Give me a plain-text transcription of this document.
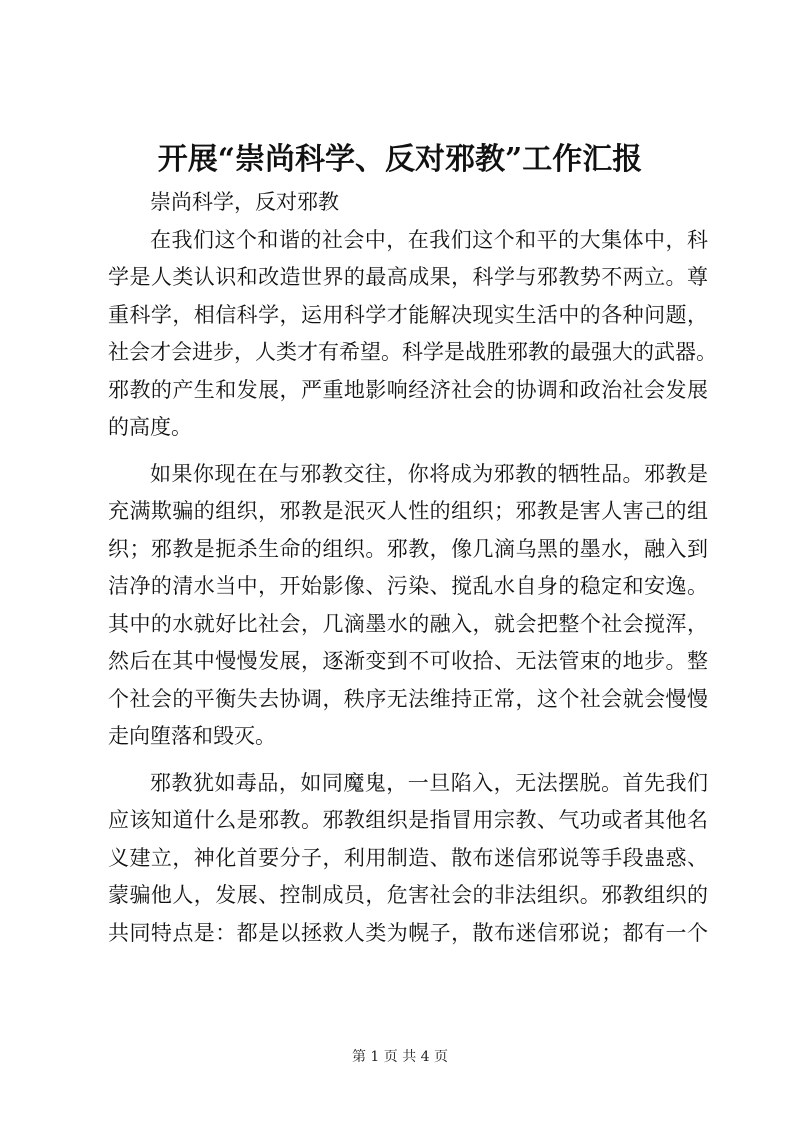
开展“崇尚科学、反对邪教”工作汇报
崇尚科学，反对邪教
在我们这个和谐的社会中，在我们这个和平的大集体中，科
学是人类认识和改造世界的最高成果，科学与邪教势不两立。尊
重科学，相信科学，运用科学才能解决现实生活中的各种问题，
社会才会进步，人类才有希望。科学是战胜邪教的最强大的武器。
邪教的产生和发展，严重地影响经济社会的协调和政治社会发展
的高度。
如果你现在在与邪教交往，你将成为邪教的牺牲品。邪教是
充满欺骗的组织，邪教是泯灭人性的组织；邪教是害人害己的组
织；邪教是扼杀生命的组织。邪教，像几滴乌黑的墨水，融入到
洁净的清水当中，开始影像、污染、搅乱水自身的稳定和安逸。
其中的水就好比社会，几滴墨水的融入，就会把整个社会搅浑，
然后在其中慢慢发展，逐渐变到不可收拾、无法管束的地步。整
个社会的平衡失去协调，秩序无法维持正常，这个社会就会慢慢
走向堕落和毁灭。
邪教犹如毒品，如同魔鬼，一旦陷入，无法摆脱。首先我们
应该知道什么是邪教。邪教组织是指冒用宗教、气功或者其他名
义建立，神化首要分子，利用制造、散布迷信邪说等手段蛊惑、
蒙骗他人，发展、控制成员，危害社会的非法组织。邪教组织的
共同特点是：都是以拯救人类为幌子，散布迷信邪说；都有一个
第 1 页 共 4 页
